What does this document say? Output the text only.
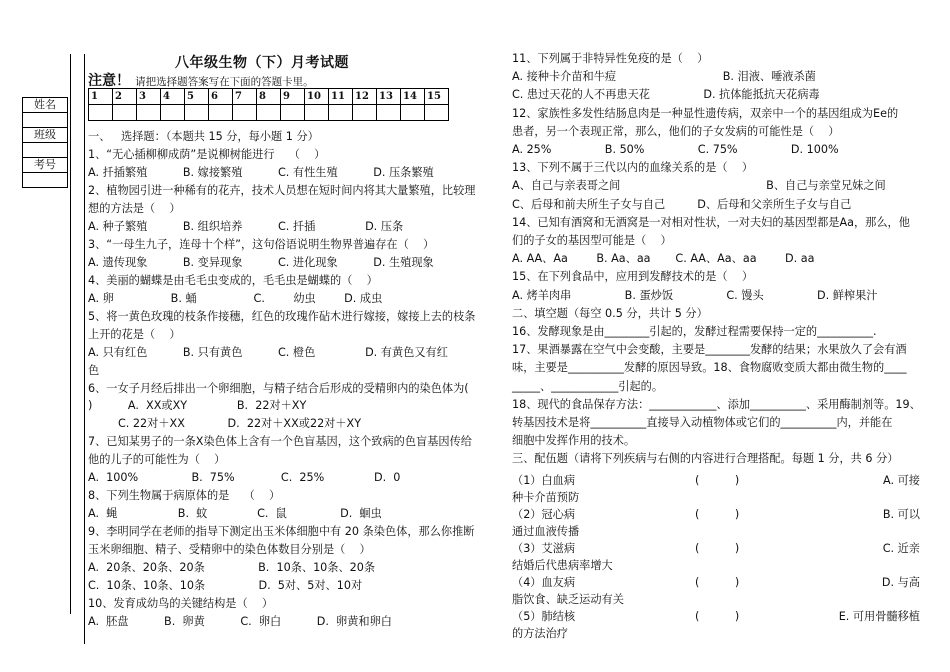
姓名
班级
考号
八年级生物（下）月考试题
注意！ 请把选择题答案写在下面的答题卡里。
1	2	3	4	5	6	7	8	9	10	11	12	13	14	15

一、   选择题：（本题共 15 分，每小题 1 分）
1、“无心插柳柳成荫”是说柳树能进行    （    ）
A. 扦插繁殖          B. 嫁接繁殖          C. 有性生殖          D. 压条繁殖
2、植物园引进一种稀有的花卉，技术人员想在短时间内将其大量繁殖，比较理
想的方法是（    ）
A. 种子繁殖          B. 组织培养          C. 扦插              D. 压条
3、“一母生九子，连母十个样”，这句俗语说明生物界普遍存在（    ）
A. 遗传现象          B. 变异现象          C. 进化现象          D. 生殖现象
4、美丽的蝴蝶是由毛毛虫变成的，毛毛虫是蝴蝶的（    ）
A. 卵                B. 蛹                C.        幼虫        D. 成虫
5、将一黄色玫瑰的枝条作接穗，红色的玫瑰作砧木进行嫁接，嫁接上去的枝条
上开的花是（    ）
A. 只有红色          B. 只有黄色          C. 橙色              D. 有黄色又有红
色
6、一女子月经后排出一个卵细胞，与精子结合后形成的受精卵内的染色体为(
)          A.  XX或XY              B.  22对＋XY
C. 22对＋XX            D.  22对＋XX或22对＋XY
7、已知某男子的一条X染色体上含有一个色盲基因，这个致病的色盲基因传给
他的儿子的可能性为（    ）
A.  100%               B.  75%             C.  25%              D.  0
8、下列生物属于病原体的是    （    ）
A.  蝇                 B.  蚊              C.  鼠               D.  蛔虫
9、李明同学在老师的指导下测定出玉米体细胞中有 20 条染色体，那么你推断
玉米卵细胞、精子、受精卵中的染色体数目分别是（    ）
A.  20条、20条、20条               B.  10条、10条、20条
C.  10条、10条、10条               D.  5对、5对、10对
10、发育成幼鸟的关键结构是（    ）
A.  胚盘          B.  卵黄          C.  卵白          D.  卵黄和卵白
11、下列属于非特异性免疫的是（    ）
A. 接种卡介苗和牛痘                              B. 泪液、唾液杀菌
C. 患过天花的人不再患天花               D. 抗体能抵抗天花病毒
12、家族性多发性结肠息肉是一种显性遗传病，双亲中一个的基因组成为Ee的
患者，另一个表现正常，那么，他们的子女发病的可能性是（    ）
A. 25%               B. 50%               C. 75%               D. 100%
13、下列不属于三代以内的血缘关系的是（    ）
A、自己与亲表哥之间                                         B、自己与亲堂兄妹之间
C、后母和前夫所生子女与自己         D、后母和父亲所生子女与自己
14、已知有酒窝和无酒窝是一对相对性状，一对夫妇的基因型都是Aa，那么，他
们的子女的基因型可能是（    ）
A. AA、Aa        B. Aa、aa       C. AA、Aa、aa        D. aa
15、在下列食品中，应用到发酵技术的是（    ）
A. 烤羊肉串               B. 蛋炒饭               C. 馒头               D. 鲜榨果汁
二、填空题（每空 0.5 分，共计 5 分）
16、发酵现象是由________引起的，发酵过程需要保持一定的__________.
17、果酒暴露在空气中会变酸，主要是________发酵的结果；水果放久了会有酒
味，主要是__________发酵的原因导致。18、食物腐败变质大都由微生物的____
_____、____________引起的。
18、现代的食品保存方法：____________、添加__________、采用酶制剂等。19、
转基因技术是将__________直接导入动植物体或它们的__________内，并能在
细胞中发挥作用的技术。
三、配伍题（请将下列疾病与右侧的内容进行合理搭配。每题 1 分，共 6 分）
（1）白血病	(          )	A. 可接
种卡介苗预防
（2）冠心病	(          )	B. 可以
通过血液传播
（3）艾滋病	(          )	C. 近亲
结婚后代患病率增大
（4）血友病	(          )	D. 与高
脂饮食、缺乏运动有关
（5）肺结核	(          )	E. 可用骨髓移植
的方法治疗
